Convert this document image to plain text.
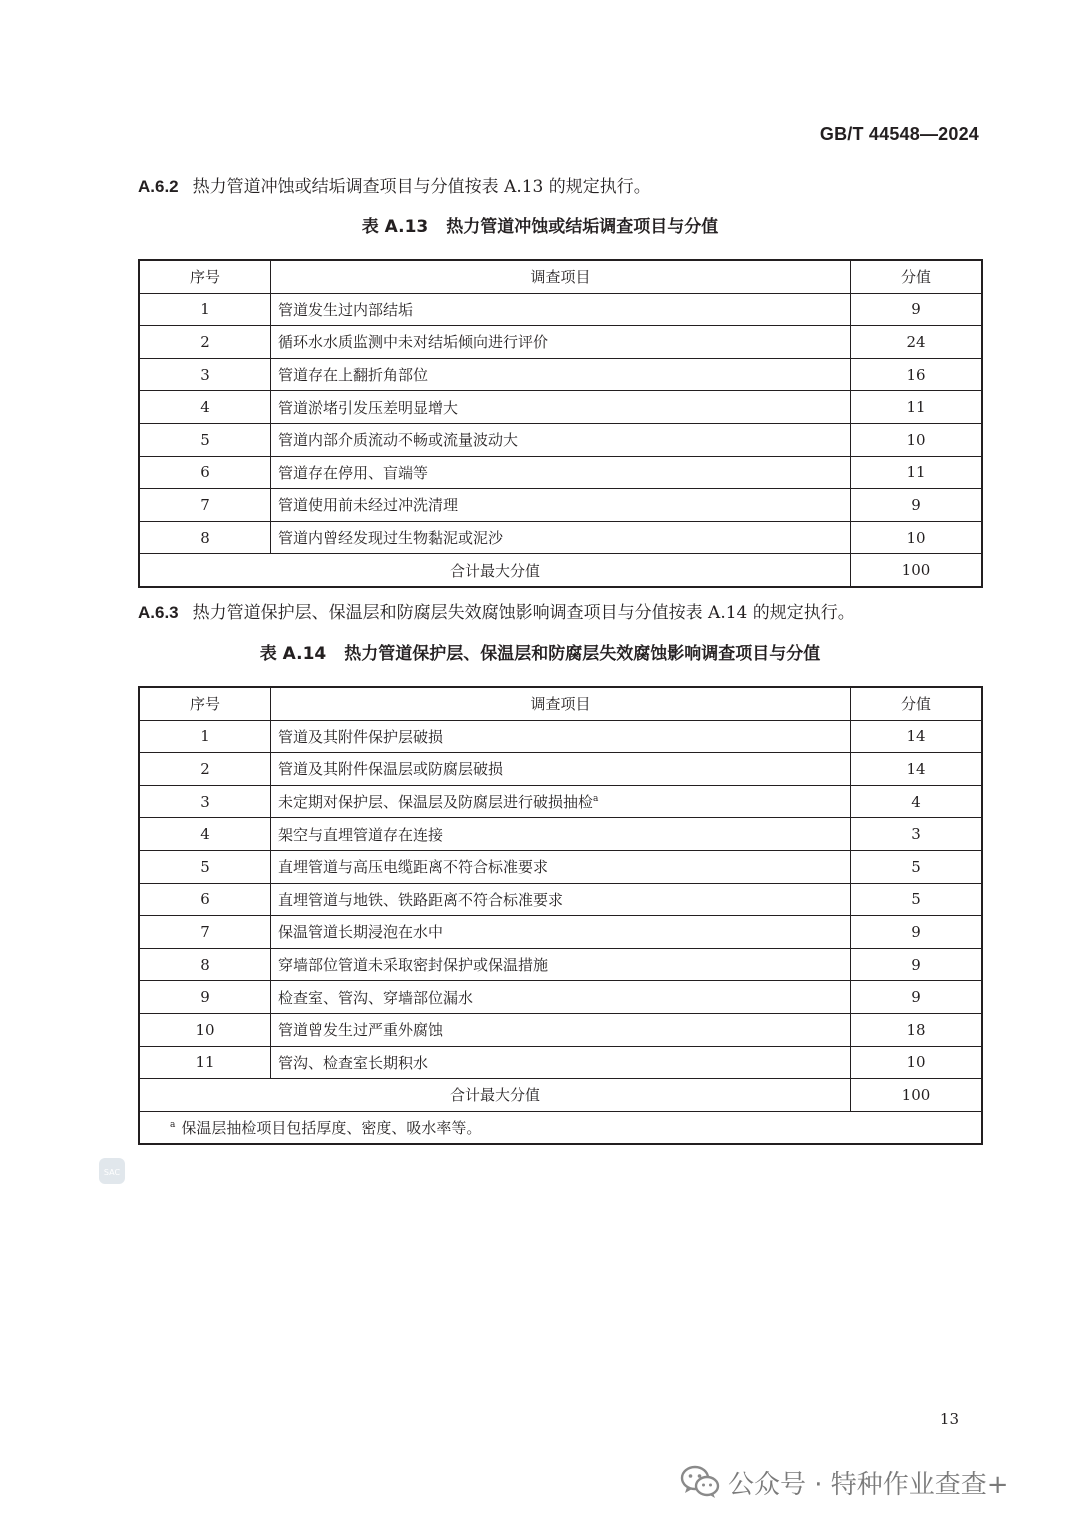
GB/T 44548—2024
A.6.2 热力管道冲蚀或结垢调查项目与分值按表 A.13 的规定执行。
表 A.13 热力管道冲蚀或结垢调查项目与分值
序号	调查项目	分值
1	管道发生过内部结垢	9
2	循环水水质监测中未对结垢倾向进行评价	24
3	管道存在上翻折角部位	16
4	管道淤堵引发压差明显增大	11
5	管道内部介质流动不畅或流量波动大	10
6	管道存在停用、盲端等	11
7	管道使用前未经过冲洗清理	9
8	管道内曾经发现过生物黏泥或泥沙	10
合计最大分值		100
A.6.3 热力管道保护层、保温层和防腐层失效腐蚀影响调查项目与分值按表 A.14 的规定执行。
表 A.14 热力管道保护层、保温层和防腐层失效腐蚀影响调查项目与分值
序号	调查项目	分值
1	管道及其附件保护层破损	14
2	管道及其附件保温层或防腐层破损	14
3	未定期对保护层、保温层及防腐层进行破损抽检$^a$	4
4	架空与直埋管道存在连接	3
5	直埋管道与高压电缆距离不符合标准要求	5
6	直埋管道与地铁、铁路距离不符合标准要求	5
7	保温管道长期浸泡在水中	9
8	穿墙部位管道未采取密封保护或保温措施	9
9	检查室、管沟、穿墙部位漏水	9
10	管道曾发生过严重外腐蚀	18
11	管沟、检查室长期积水	10
合计最大分值		100
$^a$ 保温层抽检项目包括厚度、密度、吸水率等。		
SAC
13
公众号 · 特种作业查查+
